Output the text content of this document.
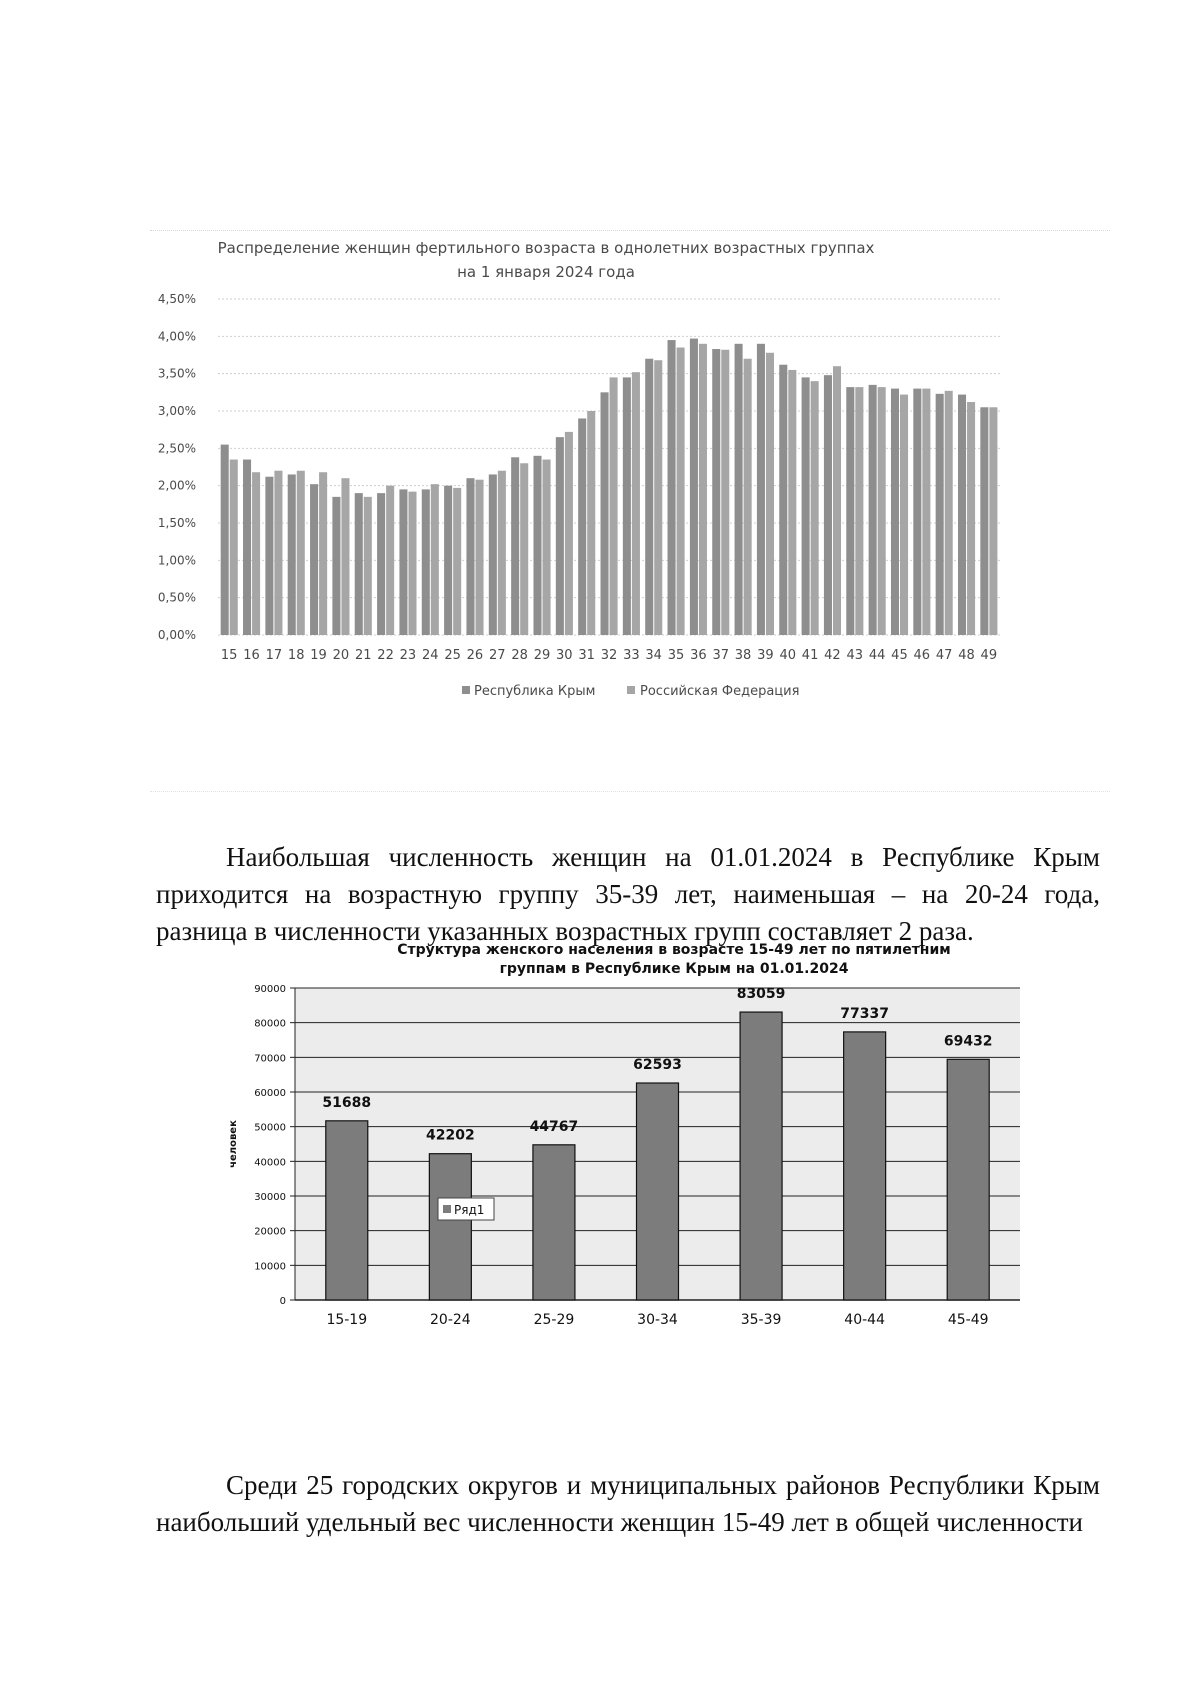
Распределение женщин фертильного возраста в однолетних возрастных группах
на 1 января 2024 года
0,00%
0,50%
1,00%
1,50%
2,00%
2,50%
3,00%
3,50%
4,00%
4,50%
15 16 17 18 19 20 21 22 23 24 25 26 27 28 29 30 31 32 33 34 35 36 37 38 39 40 41 42 43 44 45 46 47 48 49
Республика Крым	Российская Федерация

Наибольшая численность женщин на 01.01.2024 в Республике Крым приходится на возрастную группу 35-39 лет, наименьшая – на 20-24 года, разница в численности указанных возрастных групп составляет 2 раза.

Структура женского населения в возрасте 15-49 лет по пятилетним
группам в Республике Крым на 01.01.2024
0
10000
20000
30000
40000
50000
60000
70000
80000
90000
человек
51688
15-19
42202
20-24
44767
25-29
62593
30-34
83059
35-39
77337
40-44
69432
45-49
Ряд1

Среди 25 городских округов и муниципальных районов Республики Крым наибольший удельный вес численности женщин 15-49 лет в общей численности
